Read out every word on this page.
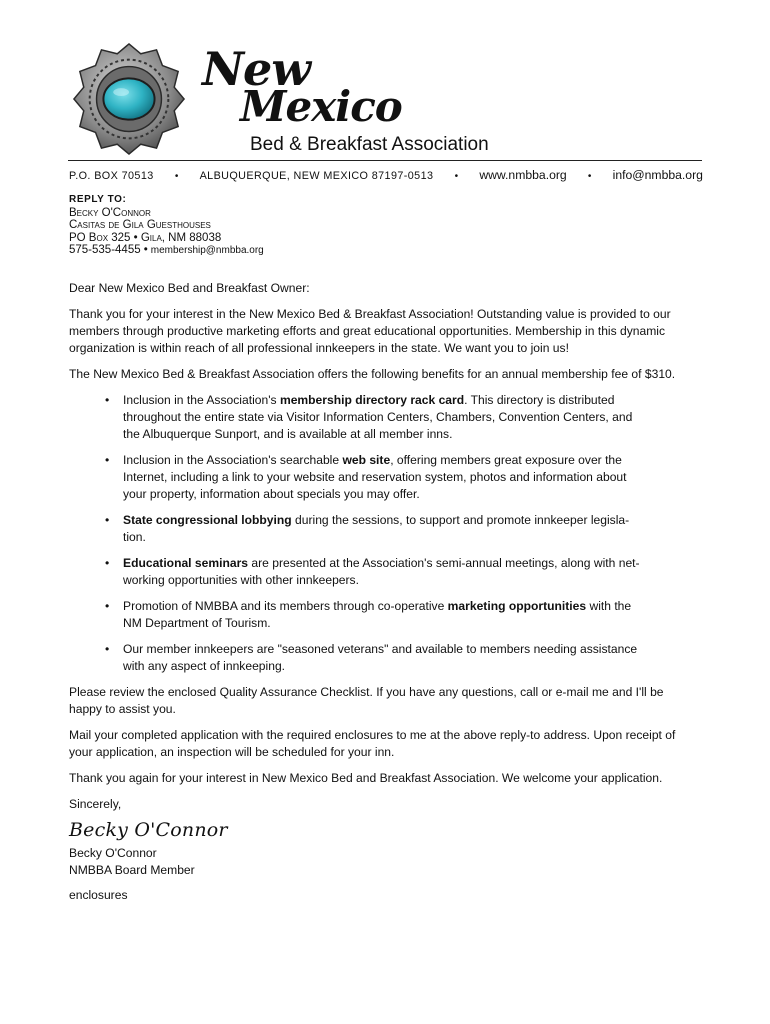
New
Mexico
Bed & Breakfast Association
P.O. BOX 70513 • ALBUQUERQUE, NEW MEXICO 87197-0513 • www.nmbba.org • info@nmbba.org
REPLY TO:
Becky O'Connor
Casitas de Gila Guesthouses
PO Box 325 • Gila, NM 88038
575-535-4455 • membership@nmbba.org

Dear New Mexico Bed and Breakfast Owner:

Thank you for your interest in the New Mexico Bed & Breakfast Association! Outstanding value is provided to our members through productive marketing efforts and great educational opportunities. Membership in this dynamic organization is within reach of all professional innkeepers in the state. We want you to join us!

The New Mexico Bed & Breakfast Association offers the following benefits for an annual membership fee of $310.

• Inclusion in the Association's membership directory rack card. This directory is distributed throughout the entire state via Visitor Information Centers, Chambers, Convention Centers, and the Albuquerque Sunport, and is available at all member inns.
• Inclusion in the Association's searchable web site, offering members great exposure over the Internet, including a link to your website and reservation system, photos and information about your property, information about specials you may offer.
• State congressional lobbying during the sessions, to support and promote innkeeper legisla-tion.
• Educational seminars are presented at the Association's semi-annual meetings, along with net-working opportunities with other innkeepers.
• Promotion of NMBBA and its members through co-operative marketing opportunities with the NM Department of Tourism.
• Our member innkeepers are "seasoned veterans" and available to members needing assistance with any aspect of innkeeping.

Please review the enclosed Quality Assurance Checklist. If you have any questions, call or e-mail me and I'll be happy to assist you.

Mail your completed application with the required enclosures to me at the above reply-to address. Upon receipt of your application, an inspection will be scheduled for your inn.

Thank you again for your interest in New Mexico Bed and Breakfast Association. We welcome your application.

Sincerely,

Becky O'Connor

Becky O'Connor
NMBBA Board Member

enclosures
